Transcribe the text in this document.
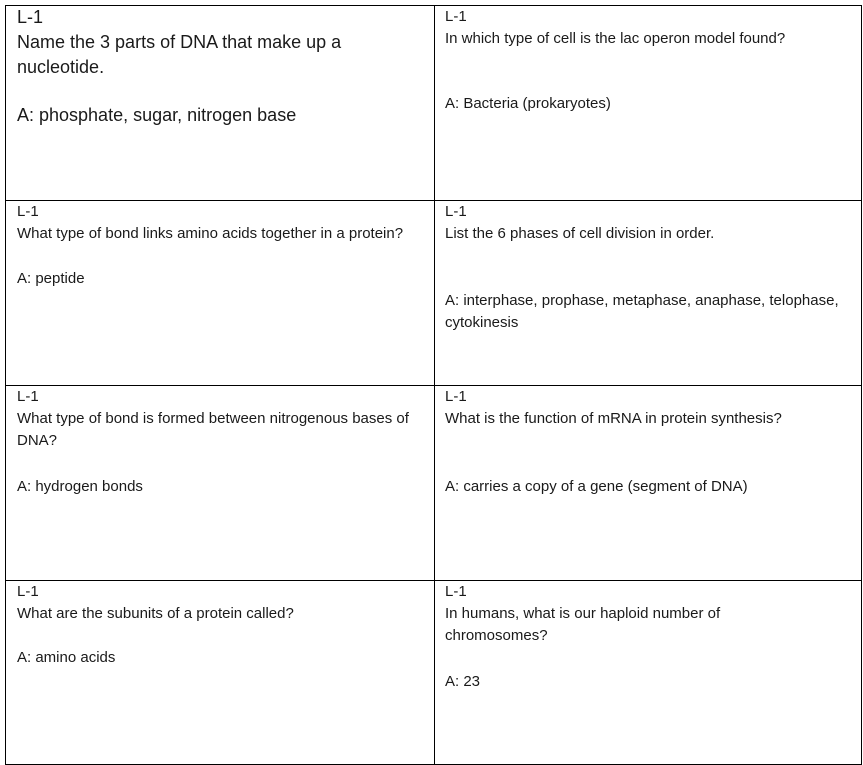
L-1
Name the 3 parts of DNA that make up a nucleotide.
A: phosphate, sugar, nitrogen base
L-1
In which type of cell is the lac operon model found?
A: Bacteria (prokaryotes)
L-1
What type of bond links amino acids together in a protein?
A: peptide
L-1
List the 6 phases of cell division in order.
A: interphase, prophase, metaphase, anaphase, telophase, cytokinesis
L-1
What type of bond is formed between nitrogenous bases of DNA?
A: hydrogen bonds
L-1
What is the function of mRNA in protein synthesis?
A: carries a copy of a gene (segment of DNA)
L-1
What are the subunits of a protein called?
A: amino acids
L-1
In humans, what is our haploid number of chromosomes?
A: 23
